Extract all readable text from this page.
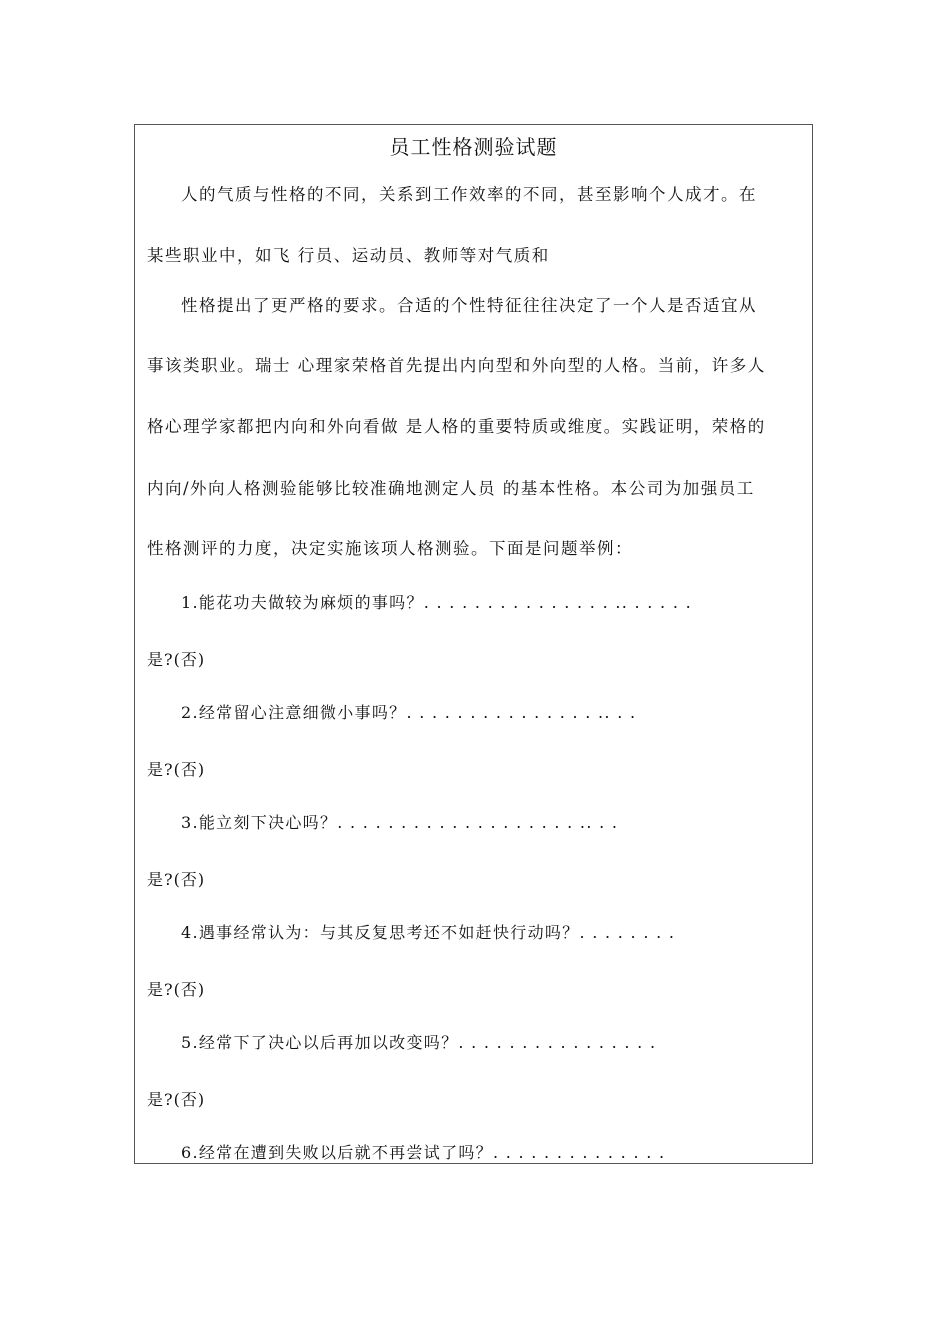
员工性格测验试题
人的气质与性格的不同，关系到工作效率的不同，甚至影响个人成才。在
某些职业中，如飞 行员、运动员、教师等对气质和
性格提出了更严格的要求。合适的个性特征往往决定了一个人是否适宜从
事该类职业。瑞士 心理家荣格首先提出内向型和外向型的人格。当前，许多人
格心理学家都把内向和外向看做 是人格的重要特质或维度。实践证明，荣格的
内向/外向人格测验能够比较准确地测定人员 的基本性格。本公司为加强员工
性格测评的力度，决定实施该项人格测验。下面是问题举例：
1.能花功夫做较为麻烦的事吗？. . . . . . . . . . . . . . . .. . . . . .
是?(否)
2.经常留心注意细微小事吗？. . . . . . . . . . . . . . . .. . .
是?(否)
3.能立刻下决心吗？. . . . . . . . . . . . . . . . . . . .. . .
是?(否)
4.遇事经常认为：与其反复思考还不如赶快行动吗？. . . . . . . .
是?(否)
5.经常下了决心以后再加以改变吗？. . . . . . . . . . . . . . . .
是?(否)
6.经常在遭到失败以后就不再尝试了吗？. . . . . . . . . . . . . .
